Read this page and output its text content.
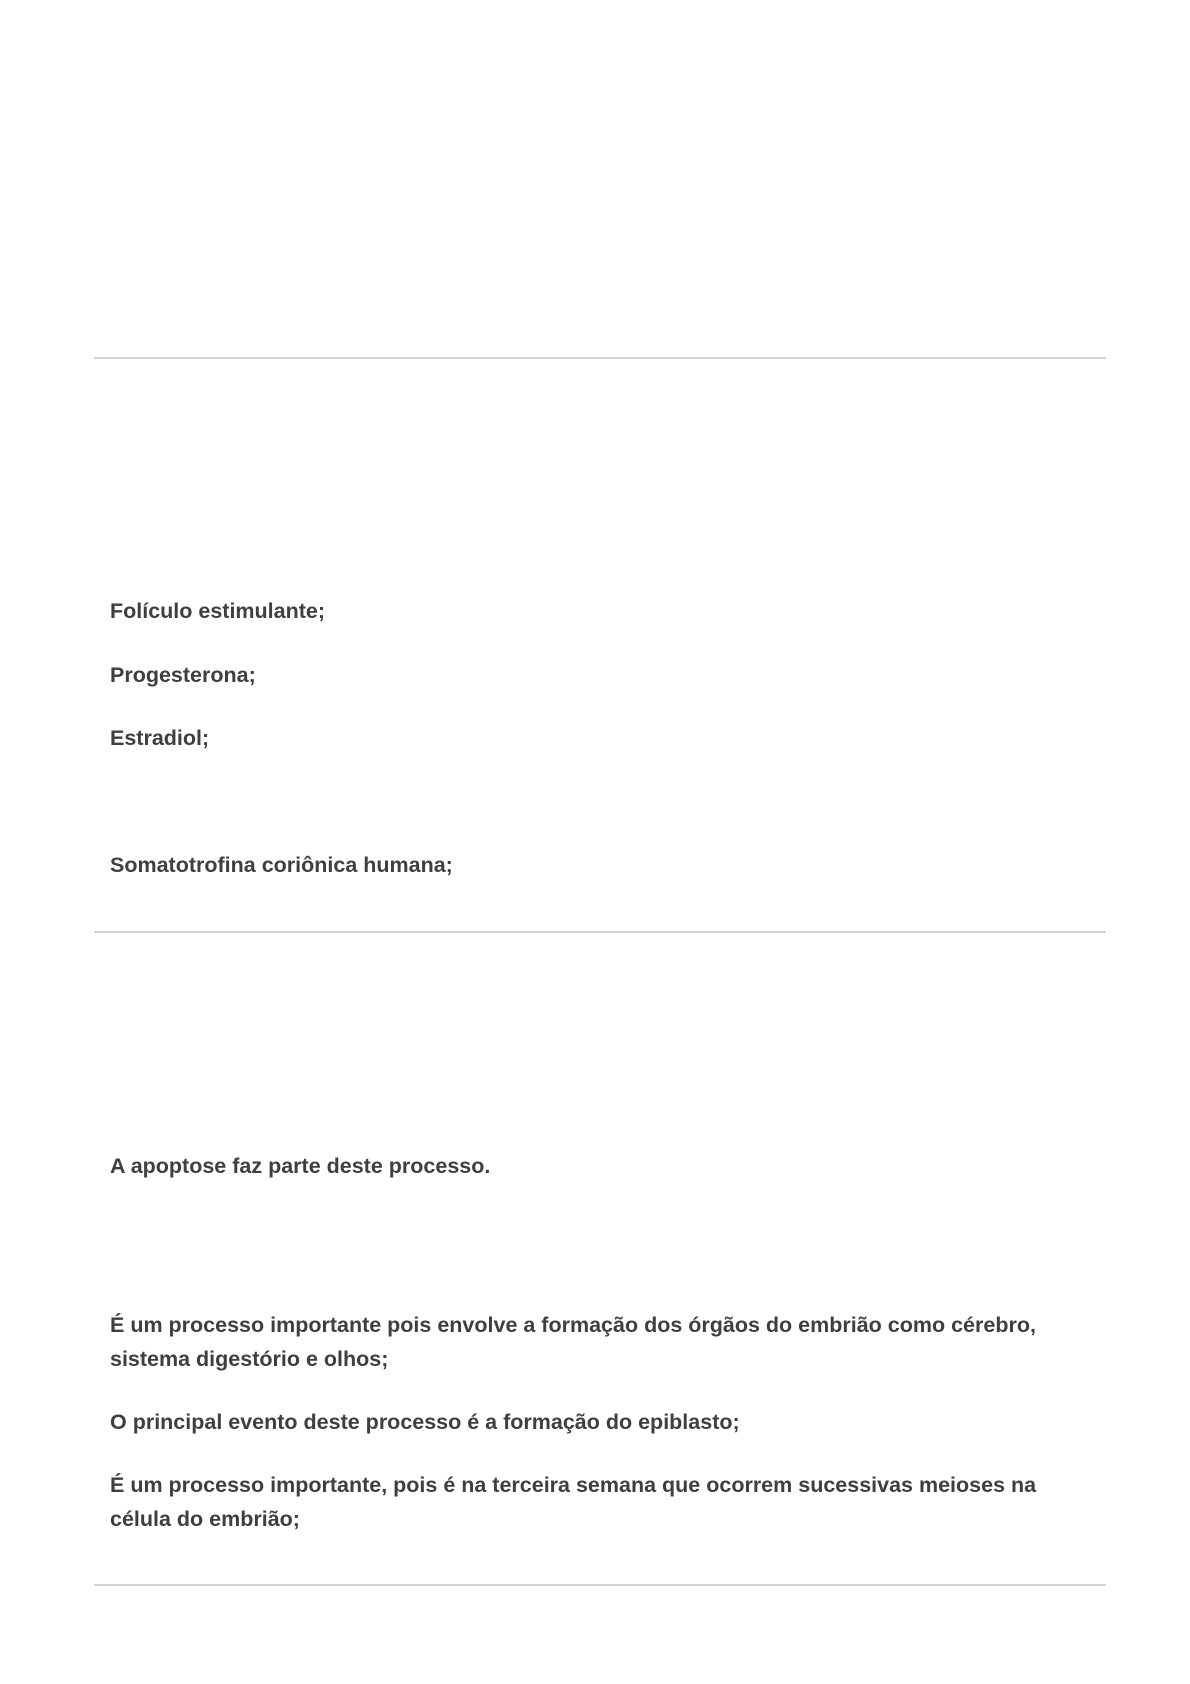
Folículo estimulante;

Progesterona;

Estradiol;

Somatotrofina coriônica humana;

A apoptose faz parte deste processo.

É um processo importante pois envolve a formação dos órgãos do embrião como cérebro, sistema digestório e olhos;

O principal evento deste processo é a formação do epiblasto;

É um processo importante, pois é na terceira semana que ocorrem sucessivas meioses na célula do embrião;
